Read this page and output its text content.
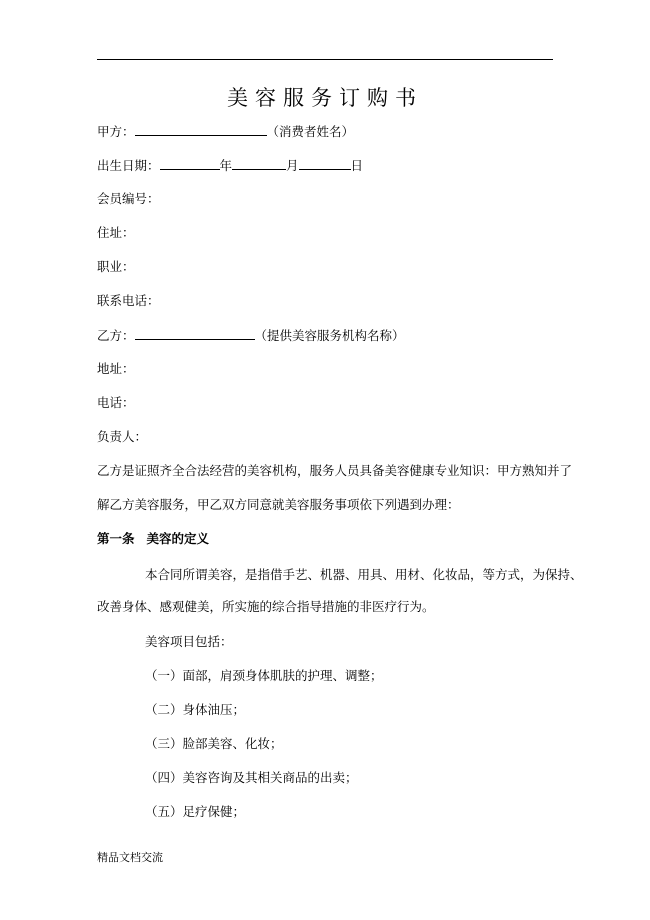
美容服务订购书
甲方：	（消费者姓名）
出生日期：	年	月	日
会员编号：
住址：
职业：
联系电话：
乙方：	（提供美容服务机构名称）
地址：
电话：
负责人：
乙方是证照齐全合法经营的美容机构，服务人员具备美容健康专业知识：甲方熟知并了
解乙方美容服务，甲乙双方同意就美容服务事项依下列遇到办理：
第一条 美容的定义
本合同所谓美容，是指借手艺、机器、用具、用材、化妆品，等方式，为保持、
改善身体、感观健美，所实施的综合指导措施的非医疗行为。
美容项目包括：
（一）面部，肩颈身体肌肤的护理、调整；
（二）身体油压；
（三）脸部美容、化妆；
（四）美容咨询及其相关商品的出卖；
（五）足疗保健；
精品文档交流
